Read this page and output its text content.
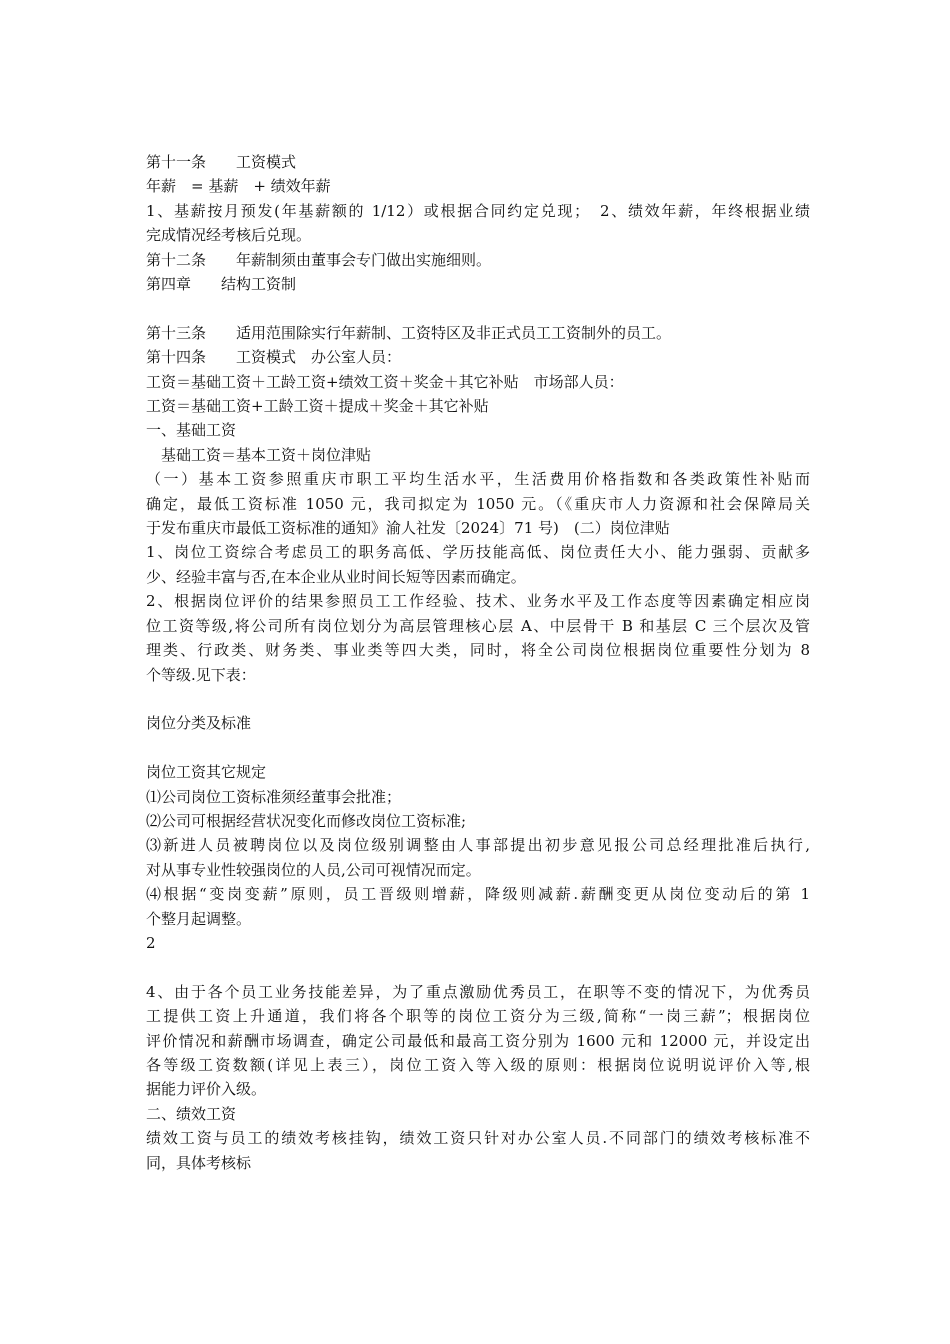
第十一条　　工资模式

年薪　= 基薪　+ 绩效年薪

1、基薪按月预发(年基薪额的 1/12）或根据合同约定兑现；　2、绩效年薪，年终根据业绩

完成情况经考核后兑现。

第十二条　　年薪制须由董事会专门做出实施细则。

第四章　　结构工资制

第十三条　　适用范围除实行年薪制、工资特区及非正式员工工资制外的员工。

第十四条　　工资模式　办公室人员：

工资＝基础工资＋工龄工资+绩效工资＋奖金＋其它补贴　市场部人员：

工资＝基础工资+工龄工资＋提成＋奖金＋其它补贴

一、基础工资

　基础工资＝基本工资＋岗位津贴

（一）基本工资参照重庆市职工平均生活水平，生活费用价格指数和各类政策性补贴而

确定，最低工资标准 1050 元，我司拟定为 1050 元。（《重庆市人力资源和社会保障局关

于发布重庆市最低工资标准的通知》渝人社发〔2024〕71 号)　(二）岗位津贴

1、岗位工资综合考虑员工的职务高低、学历技能高低、岗位责任大小、能力强弱、贡献多

少、经验丰富与否,在本企业从业时间长短等因素而确定。

2、根据岗位评价的结果参照员工工作经验、技术、业务水平及工作态度等因素确定相应岗

位工资等级,将公司所有岗位划分为高层管理核心层 A、中层骨干 B 和基层 C 三个层次及管

理类、行政类、财务类、事业类等四大类，同时，将全公司岗位根据岗位重要性分划为 8

个等级.见下表：

岗位分类及标准

岗位工资其它规定

⑴公司岗位工资标准须经董事会批准；

⑵公司可根据经营状况变化而修改岗位工资标准;

⑶新进人员被聘岗位以及岗位级别调整由人事部提出初步意见报公司总经理批准后执行,

对从事专业性较强岗位的人员,公司可视情况而定。

⑷根据“变岗变薪”原则，员工晋级则增薪，降级则减薪.薪酬变更从岗位变动后的第 1

个整月起调整。

2

4、由于各个员工业务技能差异，为了重点激励优秀员工，在职等不变的情况下，为优秀员

工提供工资上升通道，我们将各个职等的岗位工资分为三级,简称“一岗三薪”；根据岗位

评价情况和薪酬市场调查，确定公司最低和最高工资分别为 1600 元和 12000 元，并设定出

各等级工资数额(详见上表三），岗位工资入等入级的原则：根据岗位说明说评价入等,根

据能力评价入级。

二、绩效工资

绩效工资与员工的绩效考核挂钩，绩效工资只针对办公室人员.不同部门的绩效考核标准不

同，具体考核标
